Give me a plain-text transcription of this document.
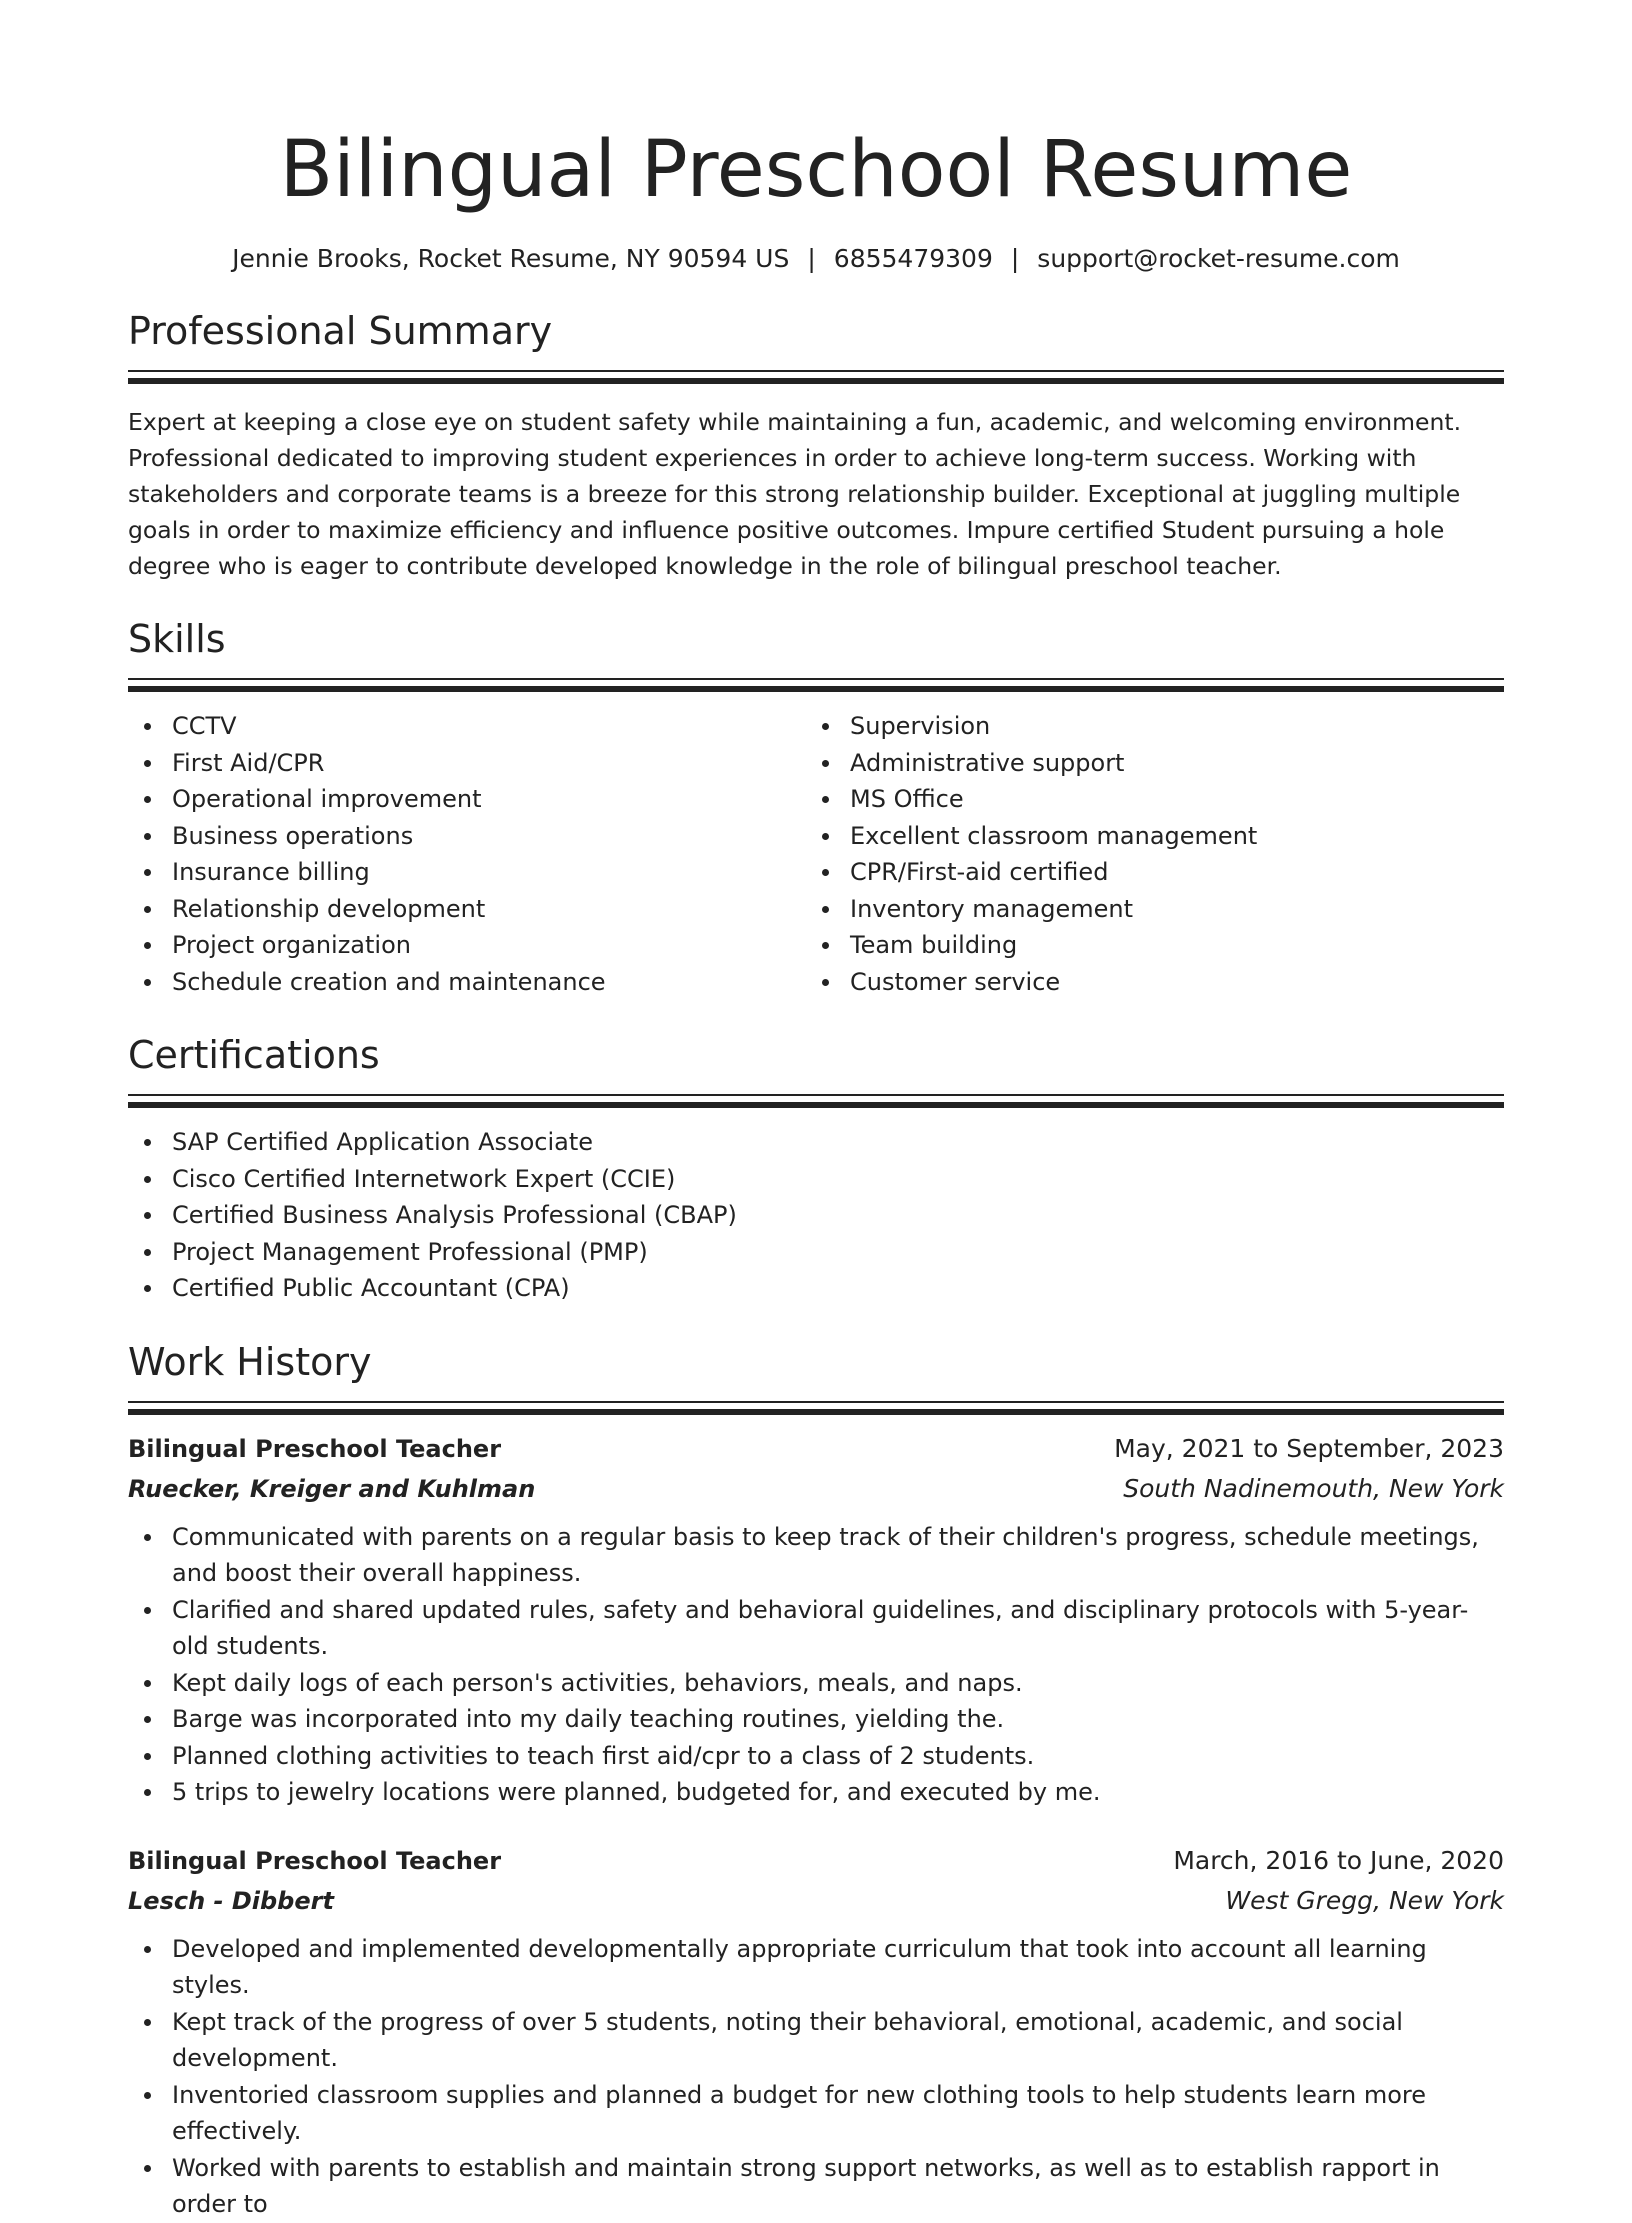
Bilingual Preschool Resume
Jennie Brooks, Rocket Resume, NY 90594 US | 6855479309 | support@rocket-resume.com
Professional Summary

Expert at keeping a close eye on student safety while maintaining a fun, academic, and welcoming environment. Professional dedicated to improving student experiences in order to achieve long-term success. Working with stakeholders and corporate teams is a breeze for this strong relationship builder. Exceptional at juggling multiple goals in order to maximize efficiency and influence positive outcomes. Impure certified Student pursuing a hole degree who is eager to contribute developed knowledge in the role of bilingual preschool teacher.

Skills
CCTV
First Aid/CPR
Operational improvement
Business operations
Insurance billing
Relationship development
Project organization
Schedule creation and maintenance
Supervision
Administrative support
MS Office
Excellent classroom management
CPR/First-aid certified
Inventory management
Team building
Customer service
Certifications
SAP Certified Application Associate
Cisco Certified Internetwork Expert (CCIE)
Certified Business Analysis Professional (CBAP)
Project Management Professional (PMP)
Certified Public Accountant (CPA)
Work History
Bilingual Preschool Teacher	May, 2021 to September, 2023
Ruecker, Kreiger and Kuhlman	South Nadinemouth, New York
Communicated with parents on a regular basis to keep track of their children's progress, schedule meetings, and boost their overall happiness.
Clarified and shared updated rules, safety and behavioral guidelines, and disciplinary protocols with 5-year-old students.
Kept daily logs of each person's activities, behaviors, meals, and naps.
Barge was incorporated into my daily teaching routines, yielding the.
Planned clothing activities to teach first aid/cpr to a class of 2 students.
5 trips to jewelry locations were planned, budgeted for, and executed by me.
Bilingual Preschool Teacher	March, 2016 to June, 2020
Lesch - Dibbert	West Gregg, New York
Developed and implemented developmentally appropriate curriculum that took into account all learning styles.
Kept track of the progress of over 5 students, noting their behavioral, emotional, academic, and social development.
Inventoried classroom supplies and planned a budget for new clothing tools to help students learn more effectively.
Worked with parents to establish and maintain strong support networks, as well as to establish rapport in order to
